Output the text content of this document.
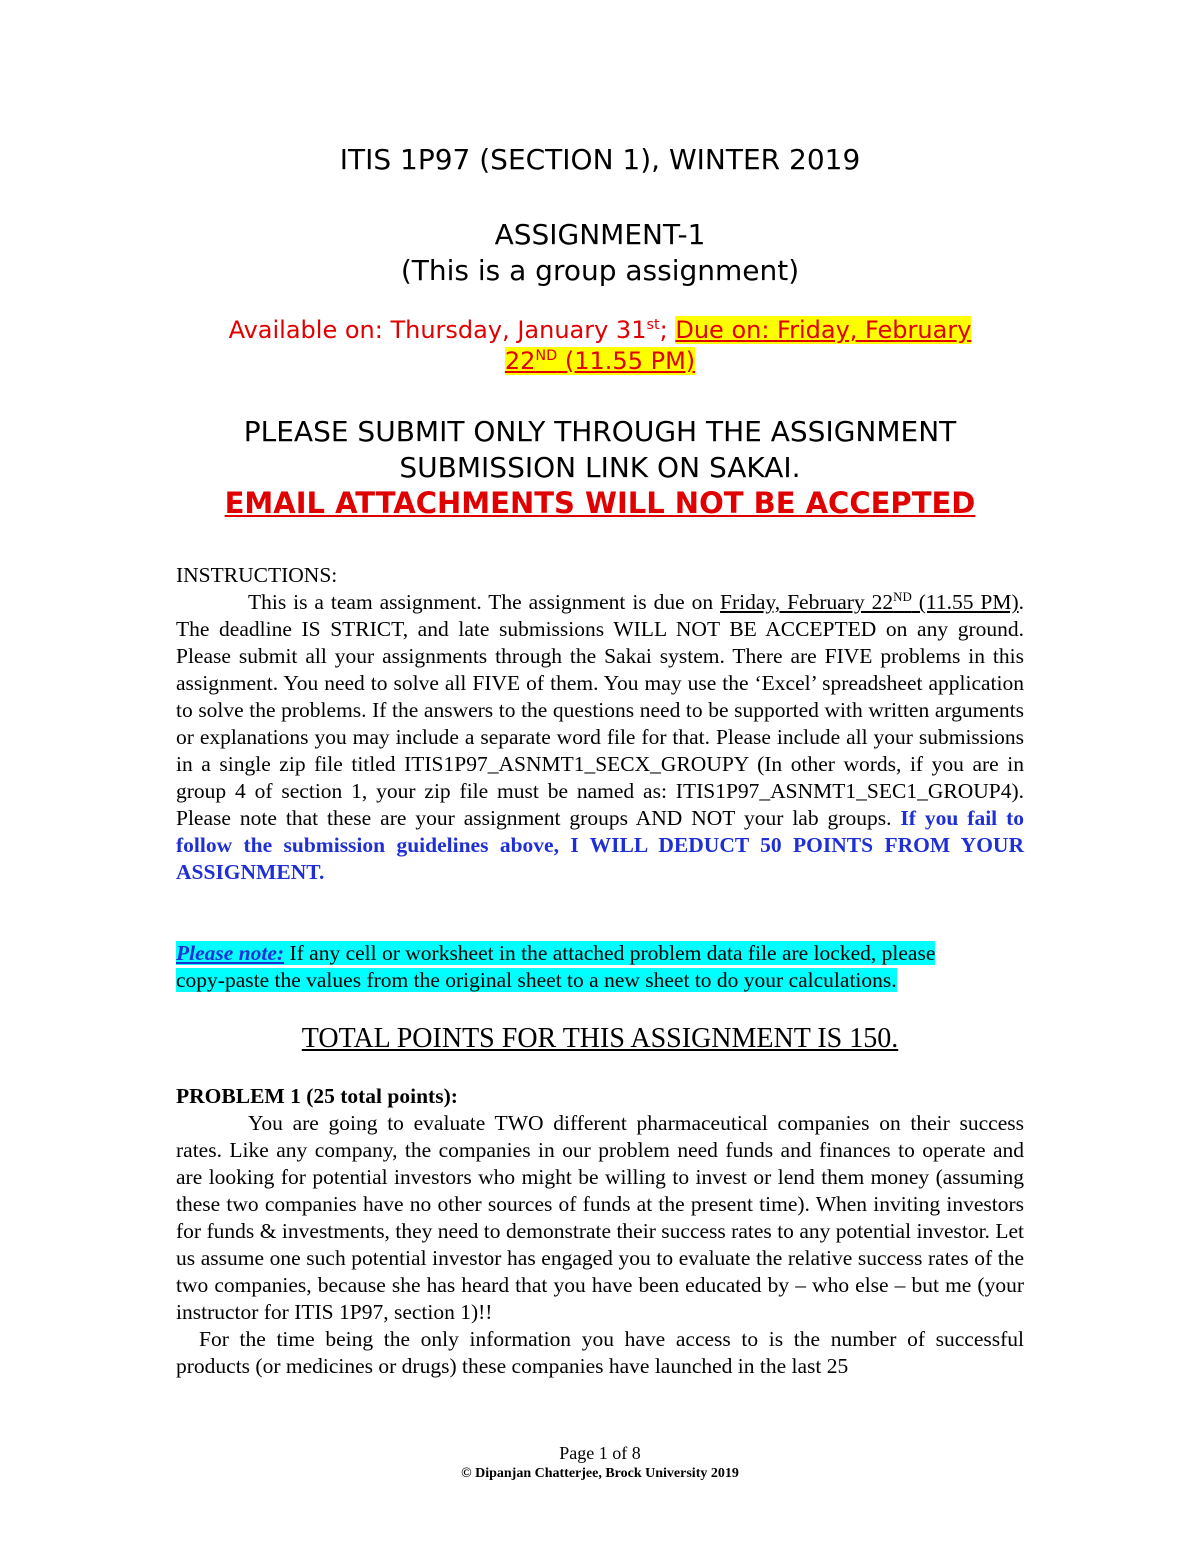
ITIS 1P97 (SECTION 1), WINTER 2019
ASSIGNMENT-1
(This is a group assignment)
Available on: Thursday, January 31st; Due on: Friday, February
22ND (11.55 PM)
PLEASE SUBMIT ONLY THROUGH THE ASSIGNMENT
SUBMISSION LINK ON SAKAI.
EMAIL ATTACHMENTS WILL NOT BE ACCEPTED

INSTRUCTIONS:

This is a team assignment. The assignment is due on Friday, February 22ND (11.55 PM). The deadline IS STRICT, and late submissions WILL NOT BE ACCEPTED on any ground. Please submit all your assignments through the Sakai system. There are FIVE problems in this assignment. You need to solve all FIVE of them. You may use the ‘Excel’ spreadsheet application to solve the problems. If the answers to the questions need to be supported with written arguments or explanations you may include a separate word file for that. Please include all your submissions in a single zip file titled ITIS1P97_ASNMT1_SECX_GROUPY (In other words, if you are in group 4 of section 1, your zip file must be named as: ITIS1P97_ASNMT1_SEC1_GROUP4). Please note that these are your assignment groups AND NOT your lab groups. If you fail to follow the submission guidelines above, I WILL DEDUCT 50 POINTS FROM YOUR ASSIGNMENT.

Please note: If any cell or worksheet in the attached problem data file are locked, please
copy-paste the values from the original sheet to a new sheet to do your calculations.
TOTAL POINTS FOR THIS ASSIGNMENT IS 150.

PROBLEM 1 (25 total points):

You are going to evaluate TWO different pharmaceutical companies on their success rates. Like any company, the companies in our problem need funds and finances to operate and are looking for potential investors who might be willing to invest or lend them money (assuming these two companies have no other sources of funds at the present time). When inviting investors for funds & investments, they need to demonstrate their success rates to any potential investor. Let us assume one such potential investor has engaged you to evaluate the relative success rates of the two companies, because she has heard that you have been educated by – who else – but me (your instructor for ITIS 1P97, section 1)!!

For the time being the only information you have access to is the number of successful products (or medicines or drugs) these companies have launched in the last 25

Page 1 of 8
© Dipanjan Chatterjee, Brock University 2019
